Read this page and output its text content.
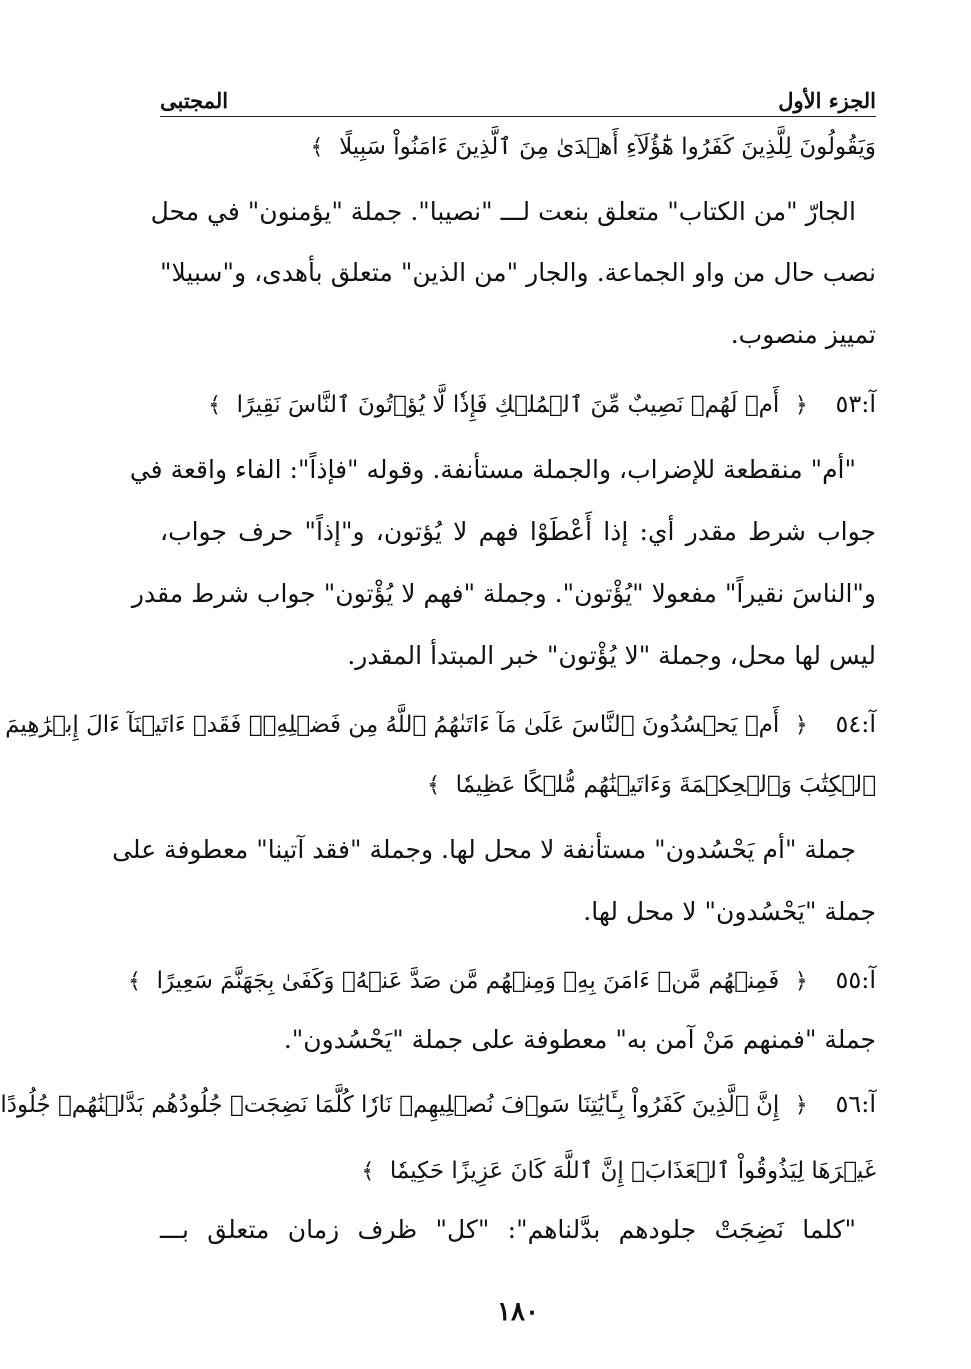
الجزء الأول
المجتبى
وَيَقُولُونَ لِلَّذِينَ كَفَرُوا هَٰٓؤُلَآءِ أَهۡدَىٰ مِنَ ٱلَّذِينَ ءَامَنُواْ سَبِيلًا ﴾
الجارّ "من الكتاب" متعلق بنعت لـــ "نصيبا". جملة "يؤمنون" في محل
نصب حال من واو الجماعة. والجار "من الذين" متعلق بأهدى، و"سبيلا"
تمييز منصوب.
آ:٥٣ ﴿ أَمۡ لَهُمۡ نَصِيبٌ مِّنَ ٱلۡمُلۡكِ فَإِذٗا لَّا يُؤۡتُونَ ٱلنَّاسَ نَقِيرًا ﴾
"أم" منقطعة للإضراب، والجملة مستأنفة. وقوله "فإذاً": الفاء واقعة في
جواب شرط مقدر أي: إذا أَعْطَوْا فهم لا يُؤتون، و"إذاً" حرف جواب،
و"الناسَ نقيراً" مفعولا "يُؤْتون". وجملة "فهم لا يُؤْتون" جواب شرط مقدر
ليس لها محل، وجملة "لا يُؤْتون" خبر المبتدأ المقدر.
آ:٥٤ ﴿ أَمۡ يَحۡسُدُونَ ٱلنَّاسَ عَلَىٰ مَآ ءَاتَىٰهُمُ ٱللَّهُ مِن فَضۡلِهِۦۖ فَقَدۡ ءَاتَيۡنَآ ءَالَ إِبۡرَٰهِيمَ
ٱلۡكِتَٰبَ وَٱلۡحِكۡمَةَ وَءَاتَيۡنَٰهُم مُّلۡكًا عَظِيمٗا ﴾
جملة "أم يَحْسُدون" مستأنفة لا محل لها. وجملة "فقد آتينا" معطوفة على
جملة "يَحْسُدون" لا محل لها.
آ:٥٥ ﴿ فَمِنۡهُم مَّنۡ ءَامَنَ بِهِۦ وَمِنۡهُم مَّن صَدَّ عَنۡهُۚ وَكَفَىٰ بِجَهَنَّمَ سَعِيرًا ﴾
جملة "فمنهم مَنْ آمن به" معطوفة على جملة "يَحْسُدون".
آ:٥٦ ﴿ إِنَّ ٱلَّذِينَ كَفَرُواْ بِـَٔايَٰتِنَا سَوۡفَ نُصۡلِيهِمۡ نَارٗا كُلَّمَا نَضِجَتۡ جُلُودُهُم بَدَّلۡنَٰهُمۡ جُلُودًا
غَيۡرَهَا لِيَذُوقُواْ ٱلۡعَذَابَۗ إِنَّ ٱللَّهَ كَانَ عَزِيزًا حَكِيمٗا ﴾
"كلما نَضِجَتْ جلودهم بدَّلناهم": "كل" ظرف زمان متعلق بـــ
١٨٠
